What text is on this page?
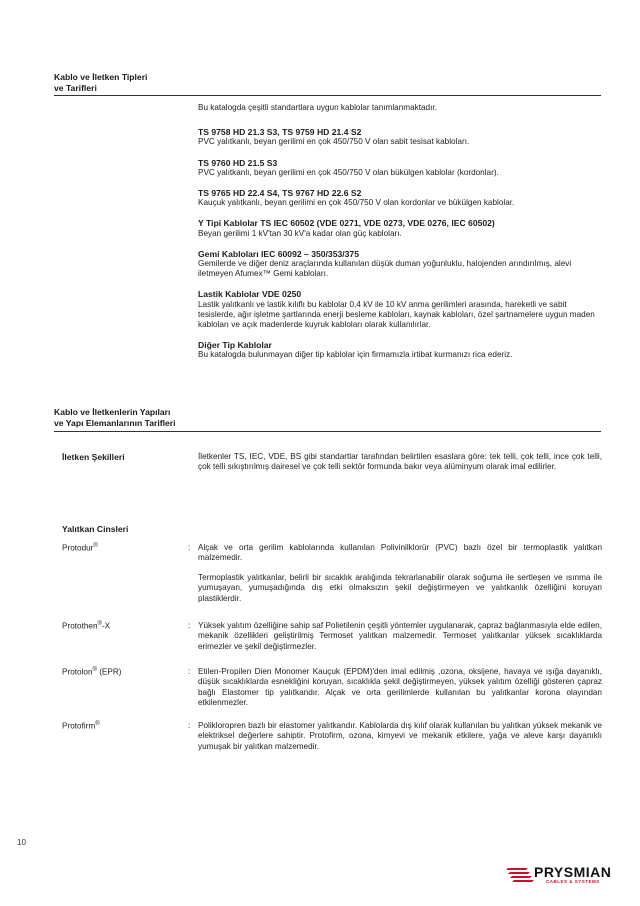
Kablo ve İletken Tipleri
ve Tarifleri
Bu katalogda çeşitli standartlara uygun kablolar tanımlanmaktadır.
TS 9758 HD 21.3 S3, TS 9759 HD 21.4 S2
PVC yalıtkanlı, beyan gerilimi en çok 450/750 V olan sabit tesisat kabloları.
TS 9760 HD 21.5 S3
PVC yalıtkanlı, beyan gerilimi en çok 450/750 V olan bükülgen kablolar (kordonlar).
TS 9765 HD 22.4 S4, TS 9767 HD 22.6 S2
Kauçuk yalıtkanlı, beyan gerilimi en çok 450/750 V olan kordonlar ve bükülgen kablolar.
Y Tipi Kablolar TS IEC 60502 (VDE 0271, VDE 0273, VDE 0276, IEC 60502)
Beyan gerilimi 1 kV'tan 30 kV'a kadar olan güç kabloları.
Gemi Kabloları IEC 60092 – 350/353/375
Gemilerde ve diğer deniz araçlarında kullanılan düşük duman yoğunluklu, halojenden arındırılmış, alevi iletmeyen Afumex™ Gemi kabloları.
Lastik Kablolar VDE 0250
Lastik yalıtkanlı ve lastik kılıflı bu kablolar 0,4 kV ile 10 kV anma gerilimleri arasında, hareketli ve sabit tesislerde, ağır işletme şartlarında enerji besleme kabloları, kaynak kabloları, özel şartnamelere uygun maden kabloları ve açık madenlerde kuyruk kabloları olarak kullanılırlar.
Diğer Tip Kablolar
Bu katalogda bulunmayan diğer tip kablolar için firmamızla irtibat kurmanızı rica ederiz.
Kablo ve İletkenlerin Yapıları
ve Yapı Elemanlarının Tarifleri
İletken Şekilleri	İletkenler TS, IEC, VDE, BS gibi standartlar tarafından belirtilen esaslara göre: tek telli, çok telli, ince çok telli, çok telli sıkıştırılmış dairesel ve çok telli sektör formunda bakır veya alüminyum olarak imal edilirler.
Yalıtkan Cinsleri
Protodur®	: Alçak ve orta gerilim kablolarında kullanılan Polivinilklorür (PVC) bazlı özel bir termoplastik yalıtkan malzemedir.

Termoplastik yalıtkanlar, belirli bir sıcaklık aralığında tekrarlanabilir olarak soğuma ile sertleşen ve ısınma ile yumuşayan, yumuşadığında dış etki olmaksızın şekil değiştirmeyen ve yalıtkanlık özelliğini koruyan plastiklerdir.

Protothen®-X	: Yüksek yalıtım özelliğine sahip saf Polietilenin çeşitli yöntemler uygulanarak, çapraz bağlanmasıyla elde edilen, mekanik özellikleri geliştirilmiş Termoset yalıtkan malzemedir. Termoset yalıtkanlar yüksek sıcaklıklarda erimezler ve şekil değiştirmezler.

Protolon® (EPR)	: Etilen-Propilen Dien Monomer Kauçuk (EPDM)'den imal edilmiş ,ozona, oksijene, havaya ve ışığa dayanıklı, düşük sıcaklıklarda esnekliğini koruyan, sıcaklıkla şekil değiştirmeyen, yüksek yalıtım özelliği gösteren çapraz bağlı Elastomer tip yalıtkandır. Alçak ve orta gerilimlerde kullanılan bu yalıtkanlar korona olayından etkilenmezler.

Protofirm®	: Polikloropren bazlı bir elastomer yalıtkandır. Kablolarda dış kılıf olarak kullanılan bu yalıtkan yüksek mekanik ve elektriksel değerlere sahiptir. Protofirm, ozona, kimyevi ve mekanik etkilere, yağa ve aleve karşı dayanıklı yumuşak bir yalıtkan malzemedir.

10
PRYSMIAN
CABLES & SYSTEMS
